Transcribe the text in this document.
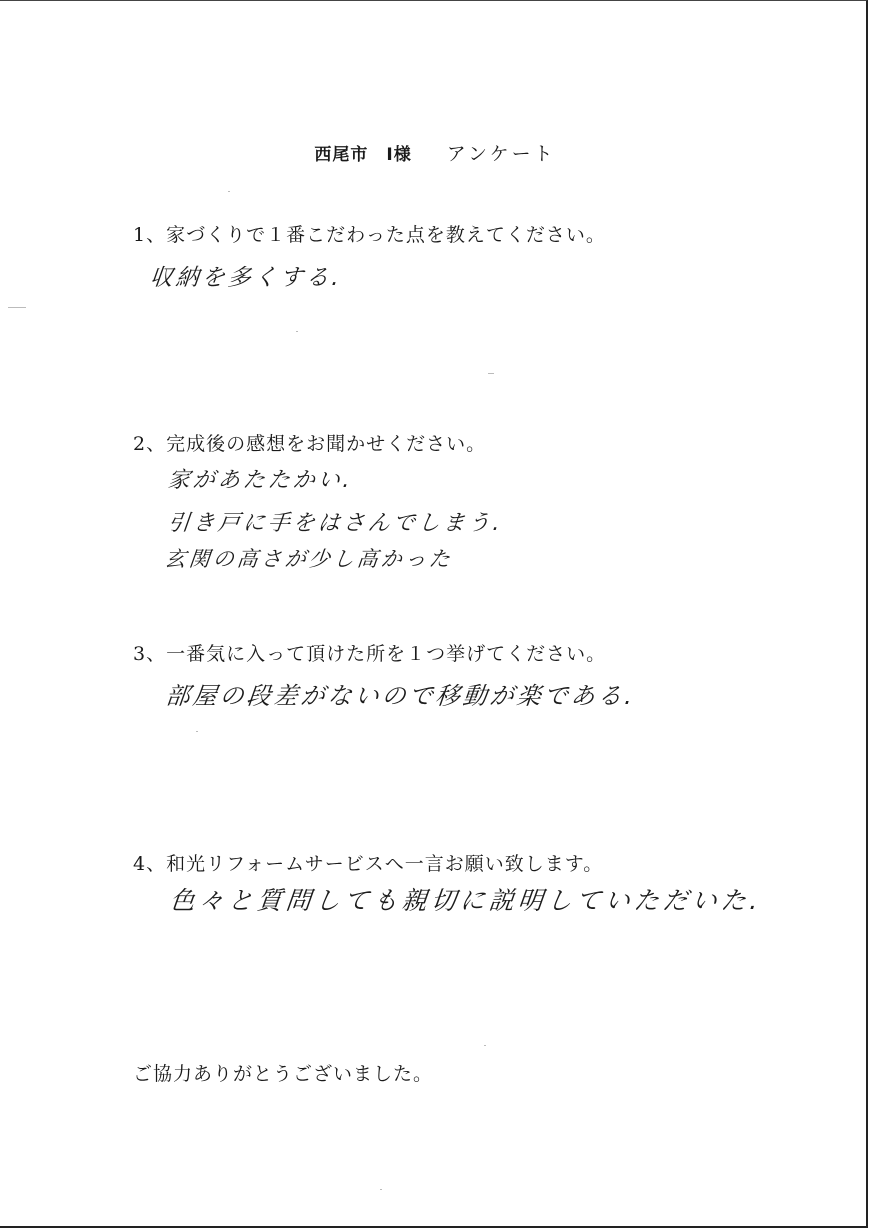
西尾市　I様 アンケート
1、家づくりで１番こだわった点を教えてください。
収納を多くする.
2、完成後の感想をお聞かせください。
家があたたかい.
引き戸に手をはさんでしまう.
玄関の高さが少し高かった
3、一番気に入って頂けた所を１つ挙げてください。
部屋の段差がないので移動が楽である.
4、和光リフォームサービスへ一言お願い致します。
色々と質問しても親切に説明していただいた.
ご協力ありがとうございました。
